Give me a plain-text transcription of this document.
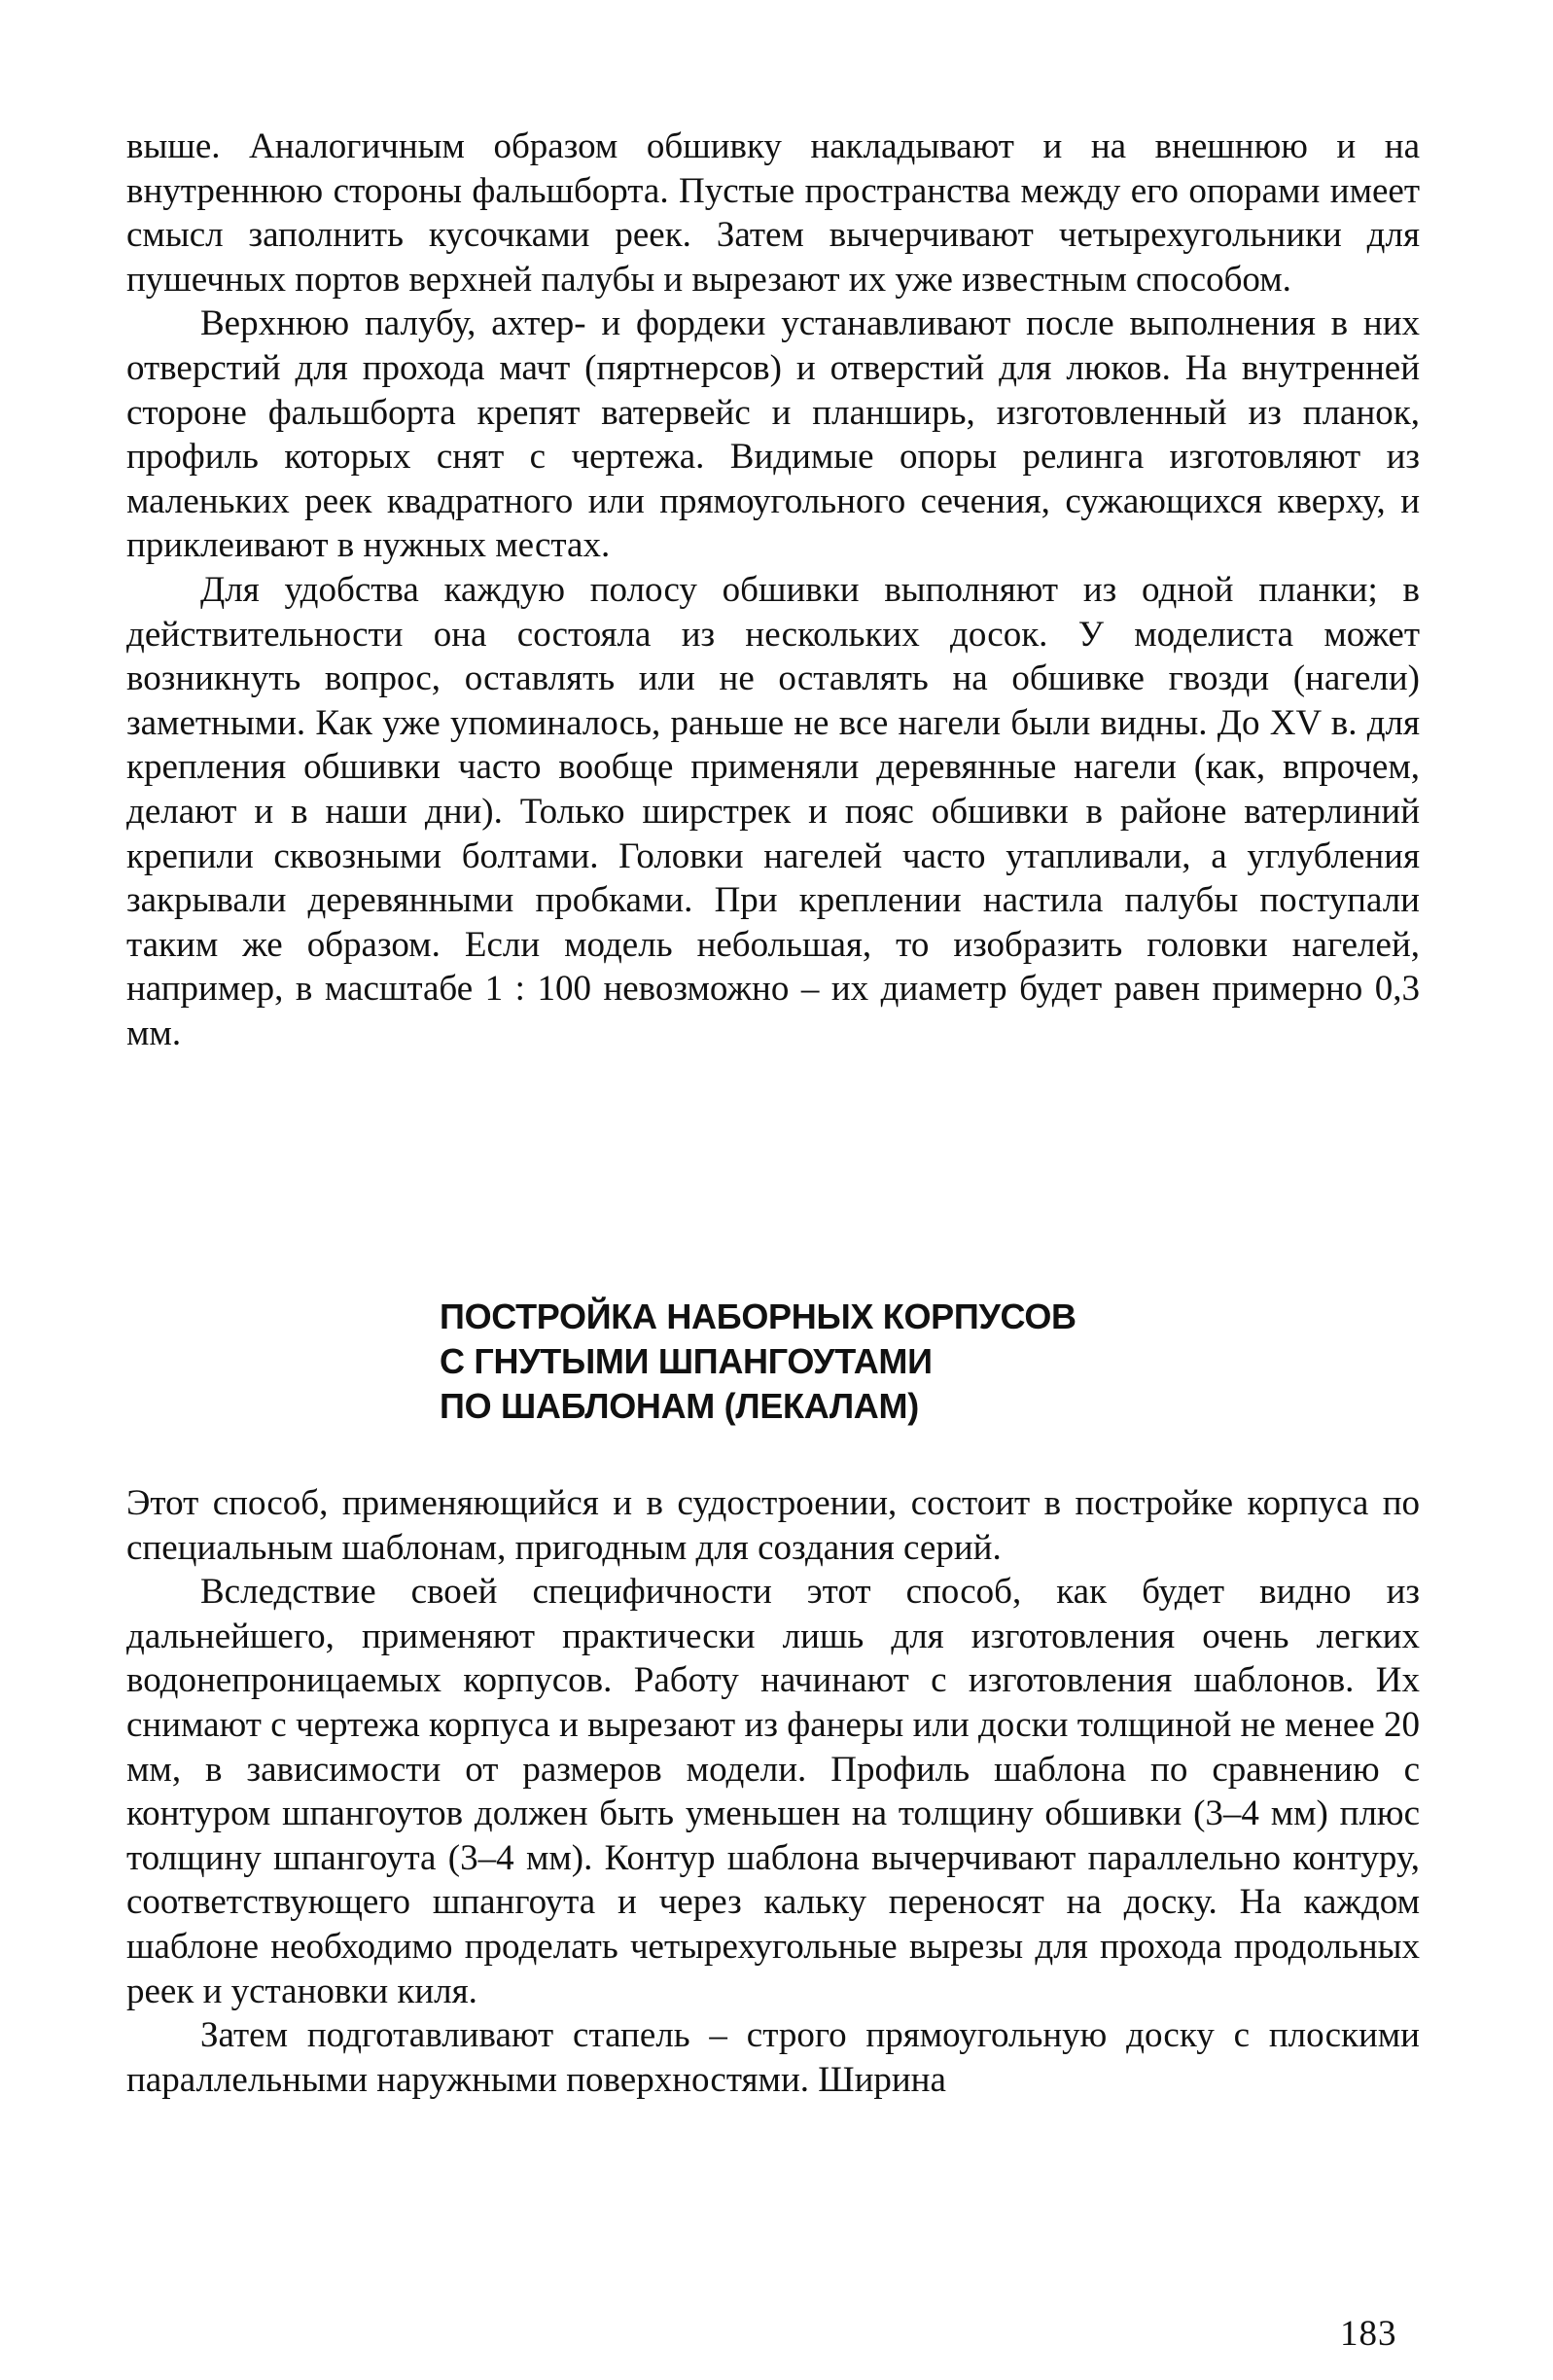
выше. Аналогичным образом обшивку накладывают и на внешнюю и на внутреннюю стороны фальшборта. Пустые пространства между его опорами имеет смысл заполнить кусочками реек. Затем вычерчивают четырехугольники для пушечных портов верхней палубы и вырезают их уже известным способом.

Верхнюю палубу, ахтер- и фордеки устанавливают после выполнения в них отверстий для прохода мачт (пяртнерсов) и отверстий для люков. На внутренней стороне фальшборта крепят ватервейс и планширь, изготовленный из планок, профиль которых снят с чертежа. Видимые опоры релинга изготовляют из маленьких реек квадратного или прямоугольного сечения, сужающихся кверху, и приклеивают в нужных местах.

Для удобства каждую полосу обшивки выполняют из одной планки; в действительности она состояла из нескольких досок. У моделиста может возникнуть вопрос, оставлять или не оставлять на обшивке гвозди (нагели) заметными. Как уже упоминалось, раньше не все нагели были видны. До XV в. для крепления обшивки часто вообще применяли деревянные нагели (как, впрочем, делают и в наши дни). Только ширстрек и пояс обшивки в районе ватерлиний крепили сквозными болтами. Головки нагелей часто утапливали, а углубления закрывали деревянными пробками. При креплении настила палубы поступали таким же образом. Если модель небольшая, то изобразить головки нагелей, например, в масштабе 1 : 100 невозможно – их диаметр будет равен примерно 0,3 мм.

ПОСТРОЙКА НАБОРНЫХ КОРПУСОВ
С ГНУТЫМИ ШПАНГОУТАМИ
ПО ШАБЛОНАМ (ЛЕКАЛАМ)

Этот способ, применяющийся и в судостроении, состоит в постройке корпуса по специальным шаблонам, пригодным для создания серий.

Вследствие своей специфичности этот способ, как будет видно из дальнейшего, применяют практически лишь для изготовления очень легких водонепроницаемых корпусов. Работу начинают с изготовления шаблонов. Их снимают с чертежа корпуса и вырезают из фанеры или доски толщиной не менее 20 мм, в зависимости от размеров модели. Профиль шаблона по сравнению с контуром шпангоутов должен быть уменьшен на толщину обшивки (3–4 мм) плюс толщину шпангоута (3–4 мм). Контур шаблона вычерчивают параллельно контуру, соответствующего шпангоута и через кальку переносят на доску. На каждом шаблоне необходимо проделать четырехугольные вырезы для прохода продольных реек и установки киля.

Затем подготавливают стапель – строго прямоугольную доску с плоскими параллельными наружными поверхностями. Ширина

183
